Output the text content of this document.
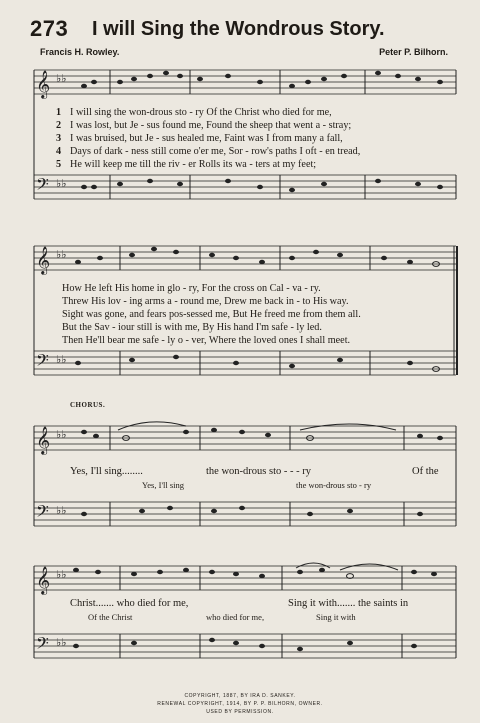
273 I will Sing the Wondrous Story.
Francis H. Rowley.	Peter P. Bilhorn.
𝄞
𝄢
♭♭
♭♭
1 I will sing the won-drous sto - ry Of the Christ who died for me,
2 I was lost, but Je - sus found me, Found the sheep that went a - stray;
3 I was bruised, but Je - sus healed me, Faint was I from many a fall,
4 Days of dark - ness still come o'er me, Sor - row's paths I oft - en tread,
5 He will keep me till the riv - er Rolls its wa - ters at my feet;
𝄞
𝄢
♭♭
♭♭
How He left His home in glo - ry, For the cross on Cal - va - ry.
Threw His lov - ing arms a - round me, Drew me back in - to His way.
Sight was gone, and fears pos-sessed me, But He freed me from them all.
But the Sav - iour still is with me, By His hand I'm safe - ly led.
Then He'll bear me safe - ly o - ver, Where the loved ones I shall meet.
CHORUS.
𝄞
𝄢
♭♭
♭♭
Yes, I'll sing........	the won-drous sto - - - ry	Of the
Yes, I'll sing	the won-drous sto - ry
𝄞
𝄢
♭♭
♭♭
Christ....... who died for me,	Sing it with....... the saints in
Of the Christ	who died for me,	Sing it with
COPYRIGHT, 1887, BY IRA D. SANKEY.
RENEWAL COPYRIGHT, 1914, BY P. P. BILHORN, OWNER.
USED BY PERMISSION.
